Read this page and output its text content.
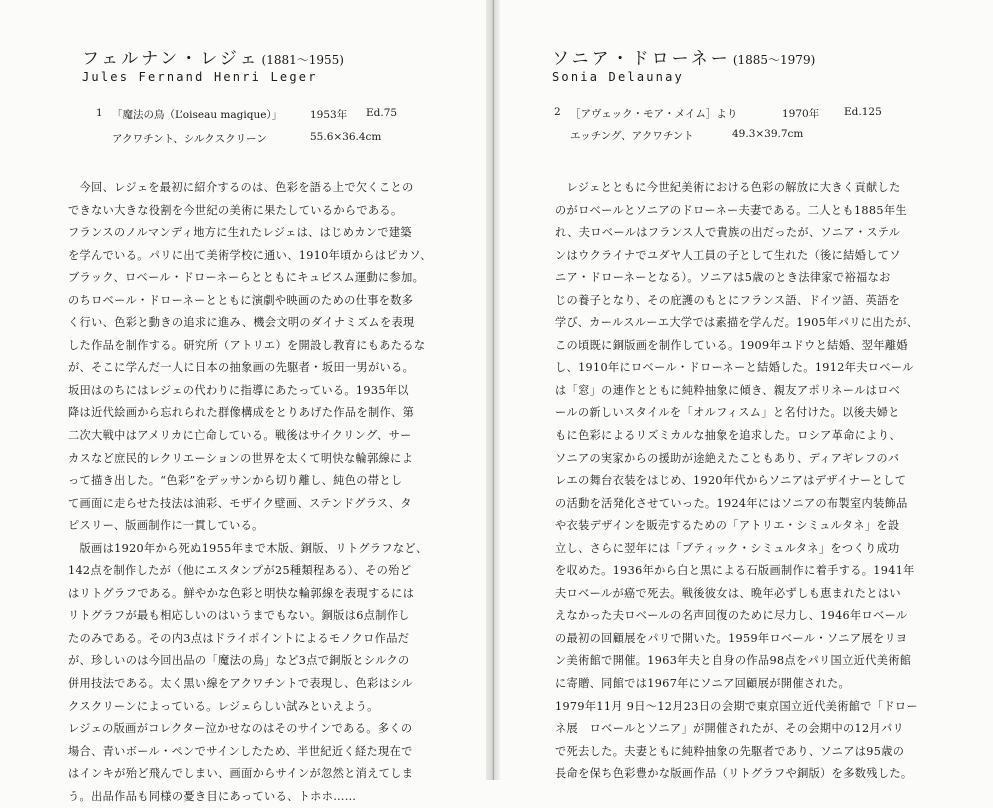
フェルナン・レジェ (1881～1955)
Jules Fernand Henri Leger
1 「魔法の鳥（L’oiseau magique）」	1953年 Ed.75
アクワチント、シルクスクリーン	55.6×36.4cm

　今回、レジェを最初に紹介するのは、色彩を語る上で欠くことの

できない大きな役割を今世紀の美術に果たしているからである。

フランスのノルマンディ地方に生れたレジェは、はじめカンで建築

を学んでいる。パリに出て美術学校に通い、1910年頃からはピカソ、

ブラック、ロベール・ドローネーらとともにキュビスム運動に参加。

のちロベール・ドローネーとともに演劇や映画のための仕事を数多

く行い、色彩と動きの追求に進み、機会文明のダイナミズムを表現

した作品を制作する。研究所（アトリエ）を開設し教育にもあたるな

が、そこに学んだ一人に日本の抽象画の先駆者・坂田一男がいる。

坂田はのちにはレジェの代わりに指導にあたっている。1935年以

降は近代絵画から忘れられた群像構成をとりあげた作品を制作、第

二次大戦中はアメリカに亡命している。戦後はサイクリング、サー

カスなど庶民的レクリエーションの世界を太くて明快な輪郭線によ

って描き出した。“色彩”をデッサンから切り離し、純色の帯とし

て画面に走らせた技法は油彩、モザイク壁画、ステンドグラス、タ

ピスリー、版画制作に一貫している。

　版画は1920年から死ぬ1955年まで木版、銅版、リトグラフなど、

142点を制作したが（他にエスタンプが25種類程ある）、その殆ど

はリトグラフである。鮮やかな色彩と明快な輪郭線を表現するには

リトグラフが最も相応しいのはいうまでもない。銅版は6点制作し

たのみである。その内3点はドライポイントによるモノクロ作品だ

が、珍しいのは今回出品の「魔法の鳥」など3点で銅版とシルクの

併用技法である。太く黒い線をアクワチントで表現し、色彩はシル

クスクリーンによっている。レジェらしい試みといえよう。

レジェの版画がコレクター泣かせなのはそのサインである。多くの

場合、青いボール・ペンでサインしたため、半世紀近く経た現在で

はインキが殆ど飛んでしまい、画面からサインが忽然と消えてしま

う。出品作品も同様の憂き目にあっている、トホホ……

ソニア・ドローネー (1885～1979)
Sonia Delaunay
2 ［アヴェック・モア・メイム］より	1970年 Ed.125
エッチング、アクワチント	49.3×39.7cm

　レジェとともに今世紀美術における色彩の解放に大きく貢献した

のがロベールとソニアのドローネー夫妻である。二人とも1885年生

れ、夫ロベールはフランス人で貴族の出だったが、ソニア・ステル

ンはウクライナでユダヤ人工員の子として生れた（後に結婚してソ

ニア・ドローネーとなる）。ソニアは5歳のとき法律家で裕福なお

じの養子となり、その庇護のもとにフランス語、ドイツ語、英語を

学び、カールスルーエ大学では素描を学んだ。1905年パリに出たが、

この頃既に銅版画を制作している。1909年ユドウと結婚、翌年離婚

し、1910年にロベール・ドローネーと結婚した。1912年夫ロベール

は「窓」の連作とともに純粋抽象に傾き、親友アポリネールはロベ

ールの新しいスタイルを「オルフィスム」と名付けた。以後夫婦と

もに色彩によるリズミカルな抽象を追求した。ロシア革命により、

ソニアの実家からの援助が途絶えたこともあり、ディアギレフのバ

レエの舞台衣装をはじめ、1920年代からソニアはデザイナーとして

の活動を活発化させていった。1924年にはソニアの布製室内装飾品

や衣装デザインを販売するための「アトリエ・シミュルタネ」を設

立し、さらに翌年には「ブティック・シミュルタネ」をつくり成功

を収めた。1936年から白と黒による石版画制作に着手する。1941年

夫ロベールが癌で死去。戦後彼女は、晩年必ずしも恵まれたとはい

えなかった夫ロベールの名声回復のために尽力し、1946年ロベール

の最初の回顧展をパリで開いた。1959年ロベール・ソニア展をリヨ

ン美術館で開催。1963年夫と自身の作品98点をパリ国立近代美術館

に寄贈、同館では1967年にソニア回顧展が開催された。

1979年11月 9日～12月23日の会期で東京国立近代美術館で「ドロー

ネ展　ロベールとソニア」が開催されたが、その会期中の12月パリ

で死去した。夫妻ともに純粋抽象の先駆者であり、ソニアは95歳の

長命を保ち色彩豊かな版画作品（リトグラフや銅版）を多数残した。
